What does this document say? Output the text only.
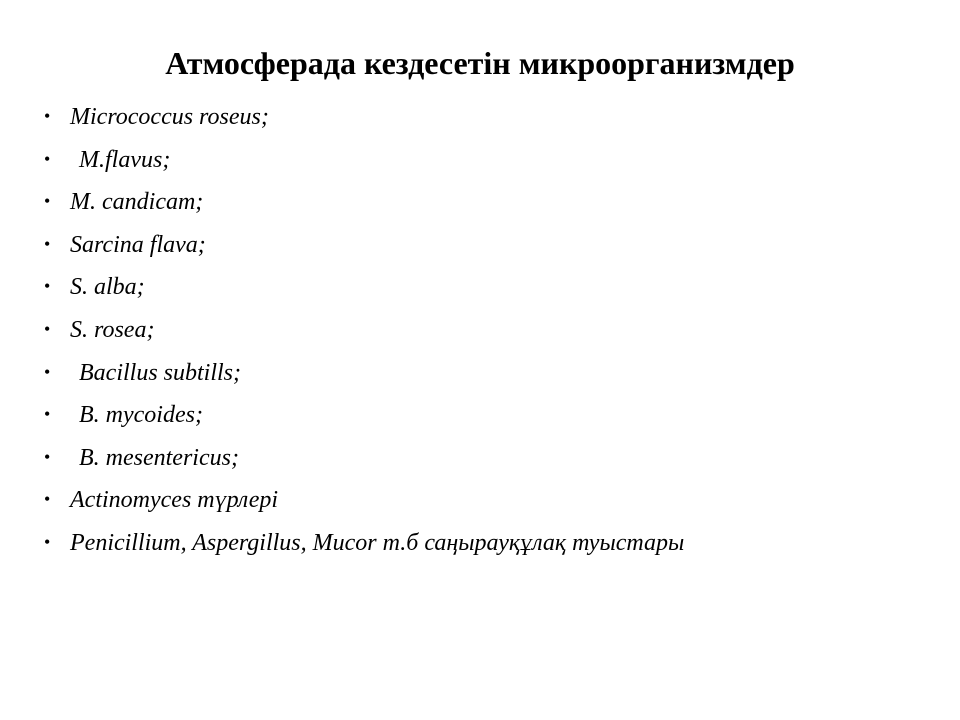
Атмосферада кездесетін микроорганизмдер
• Micrococcus roseus;
• M.flavus;
• M. candicam;
• Sarcina flava;
• S. alba;
• S. rosea;
• Bacillus subtills;
• B. mycoides;
• B. mesentericus;
• Actinomyces түрлері
• Penicillium, Aspergillus, Mucor т.б саңырауқұлақ туыстары
